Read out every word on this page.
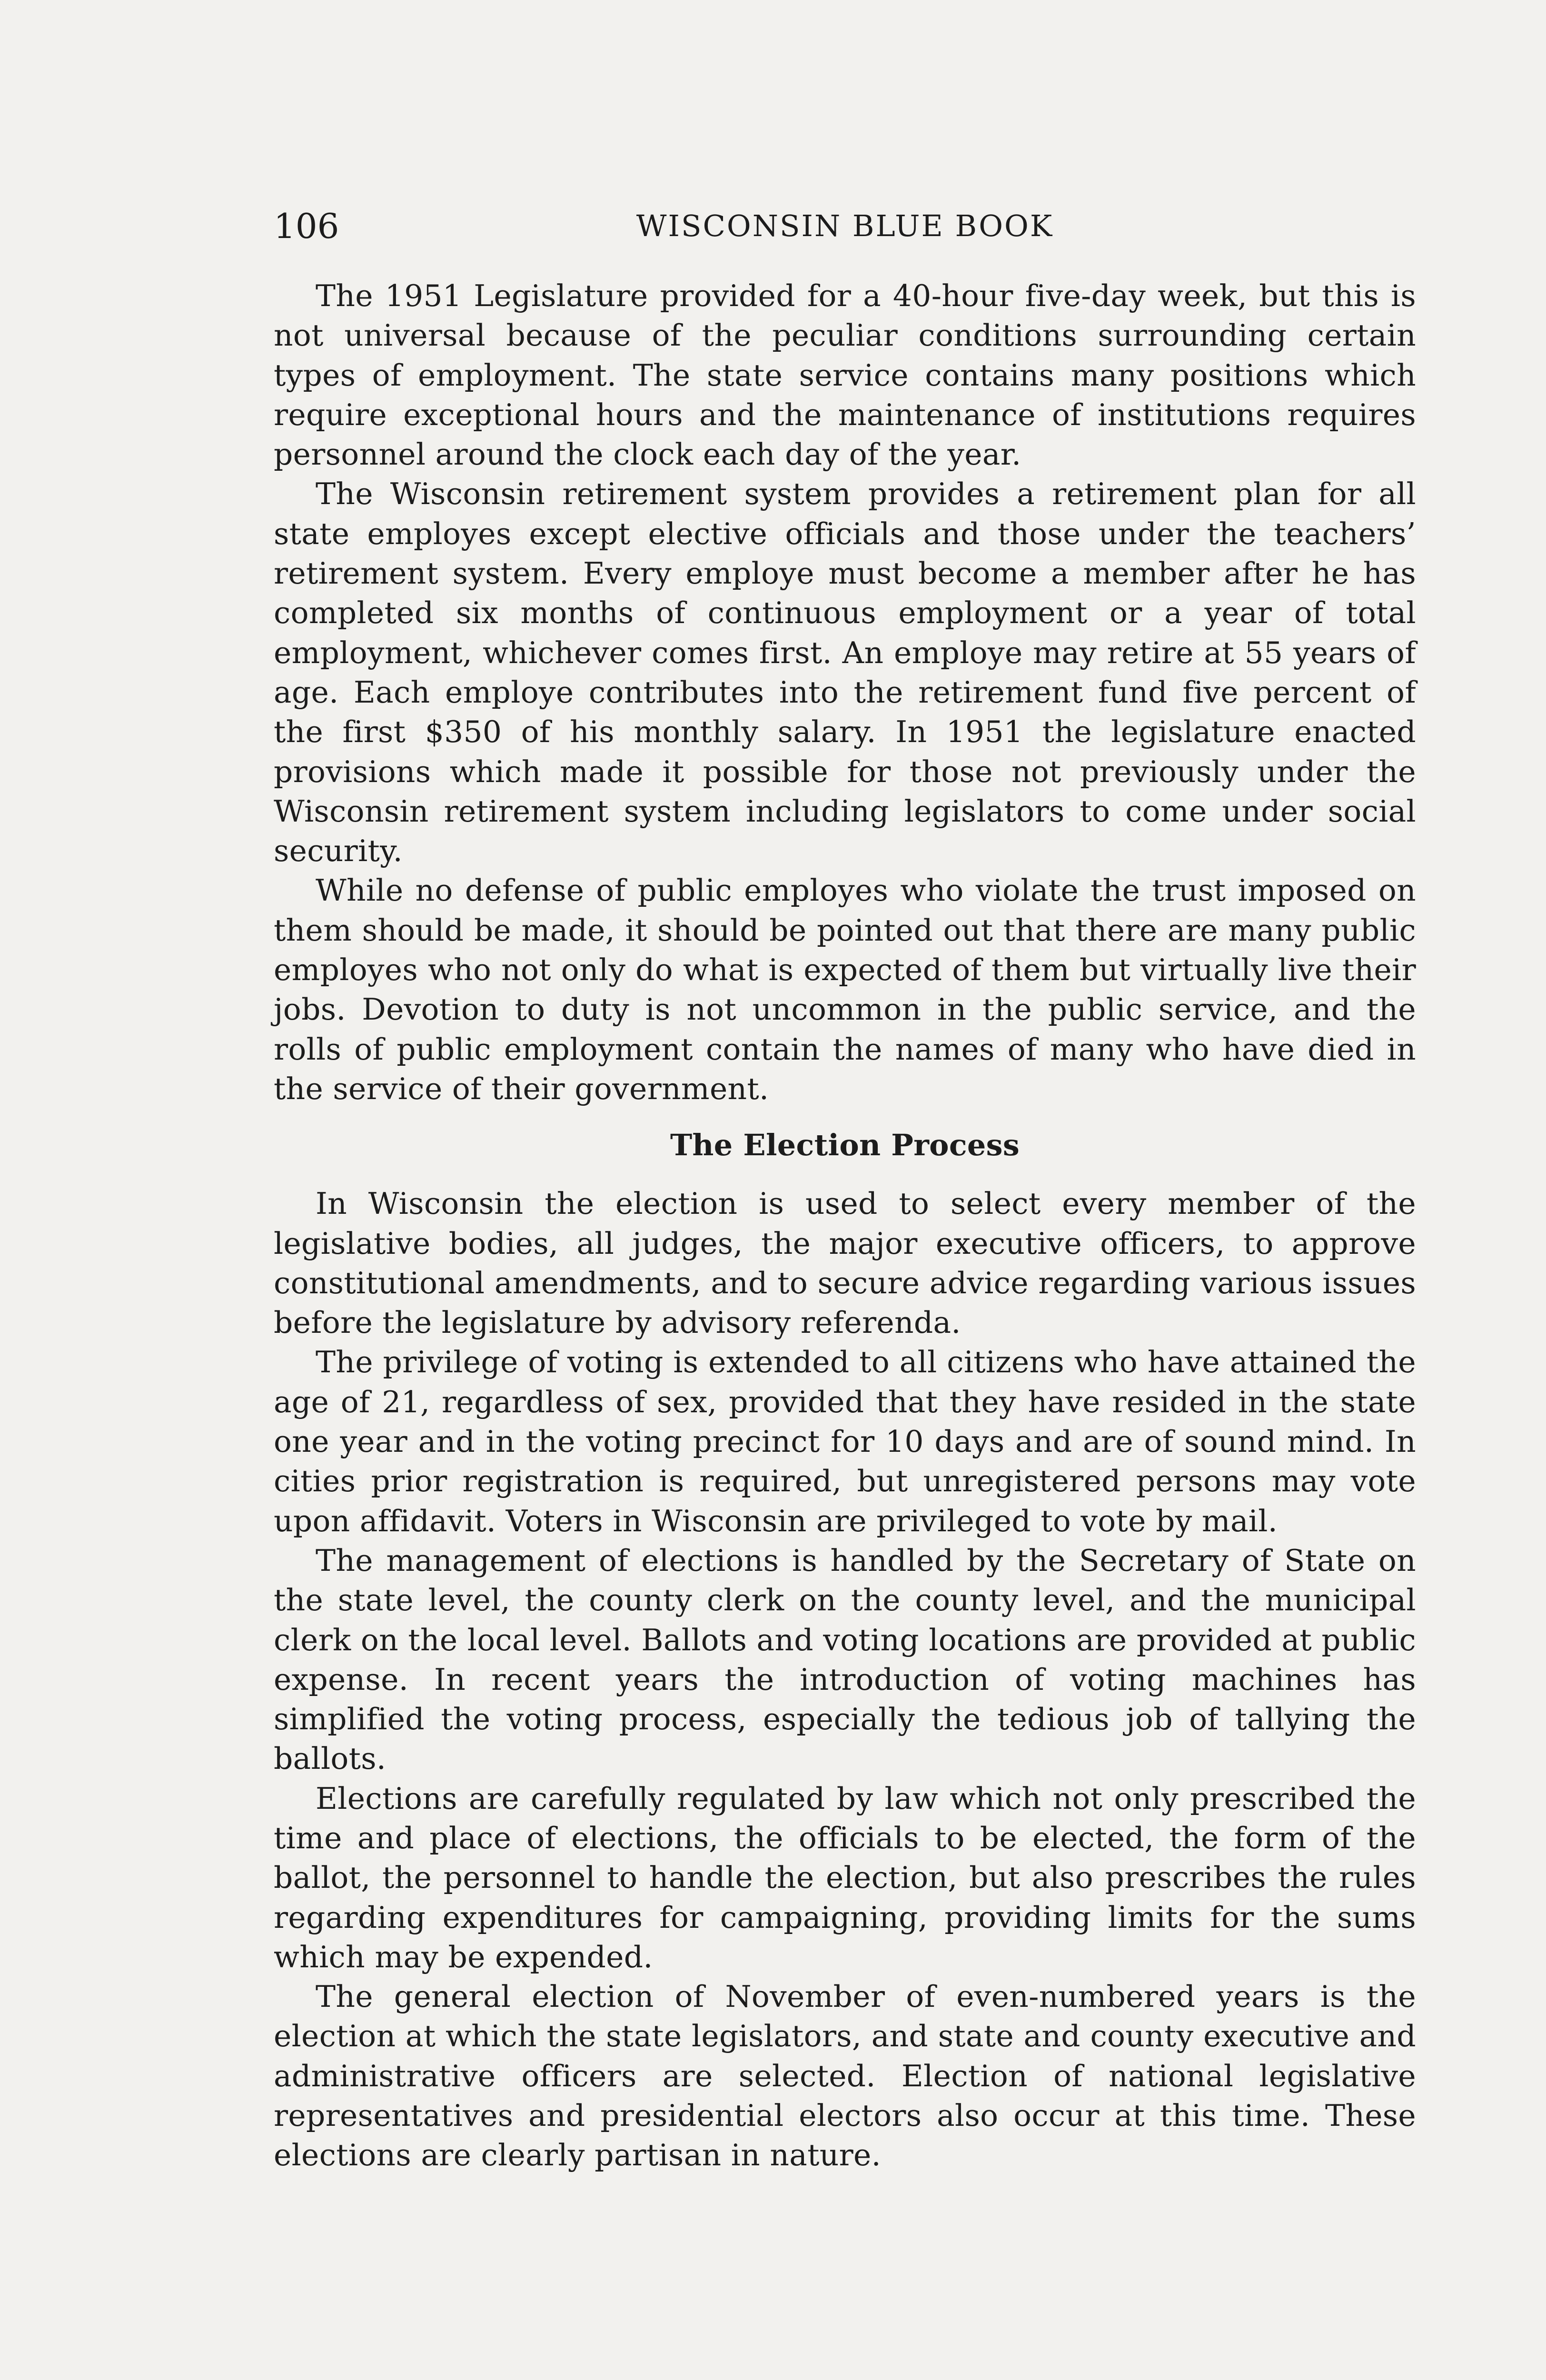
106	WISCONSIN BLUE BOOK

The 1951 Legislature provided for a 40-hour five-day week, but this is not universal because of the peculiar conditions surrounding certain types of employment. The state service contains many positions which require exceptional hours and the maintenance of institutions requires personnel around the clock each day of the year.

The Wisconsin retirement system provides a retirement plan for all state employes except elective officials and those under the teachers’ retirement system. Every employe must become a member after he has completed six months of continuous employment or a year of total employment, whichever comes first. An employe may retire at 55 years of age. Each employe contributes into the retirement fund five percent of the first $350 of his monthly salary. In 1951 the legislature enacted provisions which made it possible for those not previously under the Wisconsin retirement system including legislators to come under social security.

While no defense of public employes who violate the trust imposed on them should be made, it should be pointed out that there are many public employes who not only do what is expected of them but virtually live their jobs. Devotion to duty is not uncommon in the public service, and the rolls of public employment contain the names of many who have died in the service of their government.

The Election Process

In Wisconsin the election is used to select every member of the legislative bodies, all judges, the major executive officers, to approve constitutional amendments, and to secure advice regarding various issues before the legislature by advisory referenda.

The privilege of voting is extended to all citizens who have attained the age of 21, regardless of sex, provided that they have resided in the state one year and in the voting precinct for 10 days and are of sound mind. In cities prior registration is required, but unregistered persons may vote upon affidavit. Voters in Wisconsin are privileged to vote by mail.

The management of elections is handled by the Secretary of State on the state level, the county clerk on the county level, and the municipal clerk on the local level. Ballots and voting locations are provided at public expense. In recent years the introduction of voting machines has simplified the voting process, especially the tedious job of tallying the ballots.

Elections are carefully regulated by law which not only prescribed the time and place of elections, the officials to be elected, the form of the ballot, the personnel to handle the election, but also prescribes the rules regarding expenditures for campaigning, providing limits for the sums which may be expended.

The general election of November of even-numbered years is the election at which the state legislators, and state and county executive and administrative officers are selected. Election of national legislative representatives and presidential electors also occur at this time. These elections are clearly partisan in nature.
